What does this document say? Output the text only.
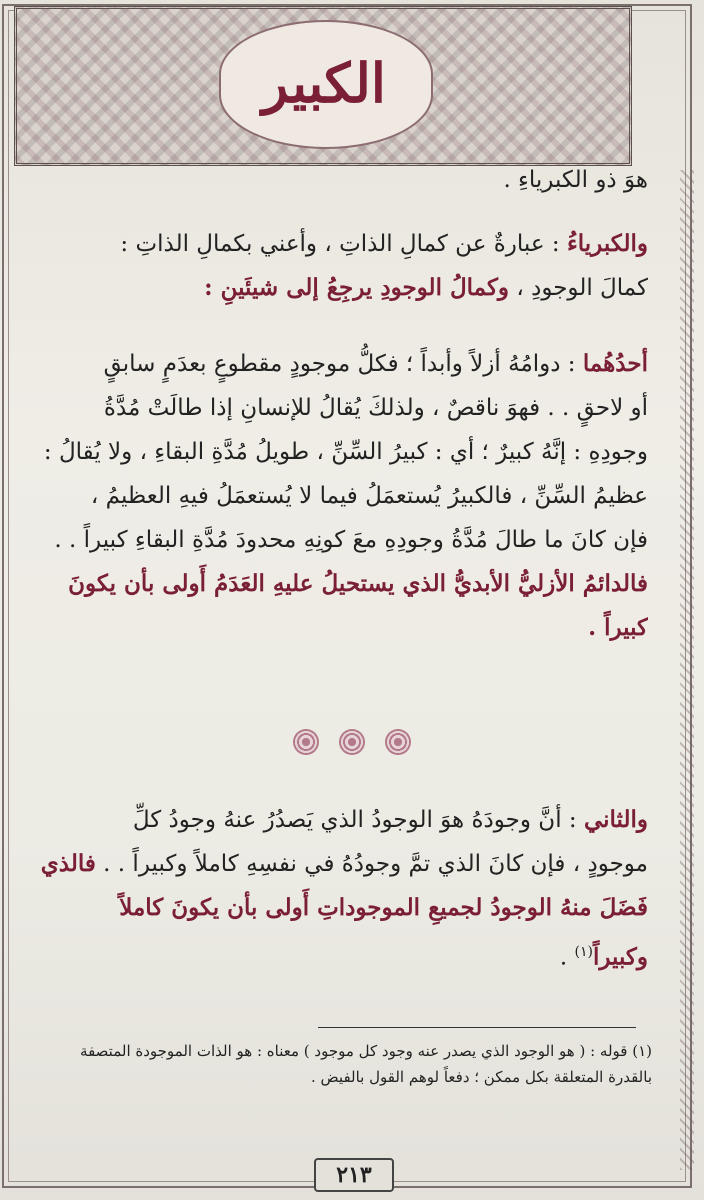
الكبير
هوَ ذو الكبرياءِ .
والكبرياءُ : عبارةٌ عن كمالِ الذاتِ ، وأعني بكمالِ الذاتِ :
كمالَ الوجودِ ، وكمالُ الوجودِ يرجِعُ إلى شيئَينِ :
أحدُهُما : دوامُهُ أزلاً وأبداً ؛ فكلُّ موجودٍ مقطوعٍ بعدَمٍ سابقٍ
أو لاحقٍ . . فهوَ ناقصٌ ، ولذلكَ يُقالُ للإنسانِ إذا طالَتْ مُدَّةُ
وجودِهِ : إنَّهُ كبيرٌ ؛ أي : كبيرُ السِّنِّ ، طويلُ مُدَّةِ البقاءِ ، ولا يُقالُ :
عظيمُ السِّنِّ ، فالكبيرُ يُستعمَلُ فيما لا يُستعمَلُ فيهِ العظيمُ ،
فإن كانَ ما طالَ مُدَّةُ وجودِهِ معَ كونِهِ محدودَ مُدَّةِ البقاءِ كبيراً . .
فالدائمُ الأزليُّ الأبديُّ الذي يستحيلُ عليهِ العَدَمُ أَولى بأن يكونَ
كبيراً .
والثاني : أنَّ وجودَهُ هوَ الوجودُ الذي يَصدُرُ عنهُ وجودُ كلِّ
موجودٍ ، فإن كانَ الذي تمَّ وجودُهُ في نفسِهِ كاملاً وكبيراً . . فالذي
فَضَلَ منهُ الوجودُ لجميعِ الموجوداتِ أَولى بأن يكونَ كاملاً
وكبيراً$^{(١)}$ .
(١) قوله : ( هو الوجود الذي يصدر عنه وجود كل موجود ) معناه : هو الذات الموجودة المتصفة
بالقدرة المتعلقة بكل ممكن ؛ دفعاً لوهم القول بالفيض .
٢١٣
